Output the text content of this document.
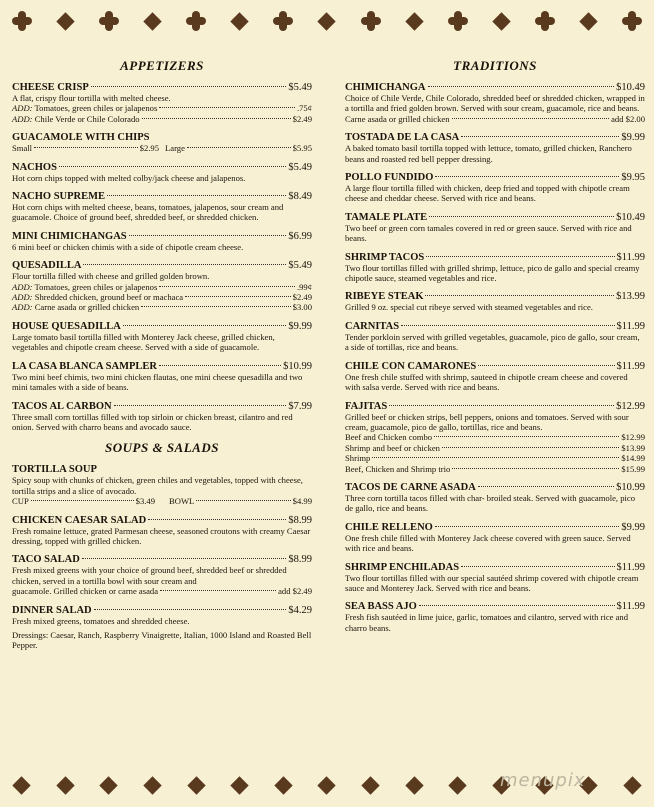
APPETIZERS
CHEESE CRISP	$5.49
A flat, crispy flour tortilla with melted cheese.
ADD: Tomatoes, green chiles or jalapenos	.75¢
ADD: Chile Verde or Chile Colorado	$2.49
GUACAMOLE WITH CHIPS
Small	$2.95 Large	$5.95
NACHOS	$5.49
Hot corn chips topped with melted colby/jack cheese and jalapenos.
NACHO SUPREME	$8.49
Hot corn chips with melted cheese, beans, tomatoes, jalapenos, sour cream and guacamole. Choice of ground beef, shredded beef, or shredded chicken.
MINI CHIMICHANGAS	$6.99
6 mini beef or chicken chimis with a side of chipotle cream cheese.
QUESADILLA	$5.49
Flour tortilla filled with cheese and grilled golden brown.
ADD: Tomatoes, green chiles or jalapenos	.99¢
ADD: Shredded chicken, ground beef or machaca	$2.49
ADD: Carne asada or grilled chicken	$3.00
HOUSE QUESADILLA	$9.99
Large tomato basil tortilla filled with Monterey Jack cheese, grilled chicken, vegetables and chipotle cream cheese. Served with a side of guacamole.
LA CASA BLANCA SAMPLER	$10.99
Two mini beef chimis, two mini chicken flautas, one mini cheese quesadilla and two mini tamales with a side of beans.
TACOS AL CARBON	$7.99
Three small corn tortillas filled with top sirloin or chicken breast, cilantro and red onion. Served with charro beans and avocado sauce.
SOUPS & SALADS
TORTILLA SOUP
Spicy soup with chunks of chicken, green chiles and vegetables, topped with cheese, tortilla strips and a slice of avocado.
CUP	$3.49 BOWL	$4.99
CHICKEN CAESAR SALAD	$8.99
Fresh romaine lettuce, grated Parmesan cheese, seasoned croutons with creamy Caesar dressing, topped with grilled chicken.
TACO SALAD	$8.99
Fresh mixed greens with your choice of ground beef, shredded beef or shredded chicken, served in a tortilla bowl with sour cream and
guacamole. Grilled chicken or carne asada	add $2.49
DINNER SALAD	$4.29
Fresh mixed greens, tomatoes and shredded cheese.
Dressings: Caesar, Ranch, Raspberry Vinaigrette, Italian, 1000 Island and Roasted Bell Pepper.
TRADITIONS
CHIMICHANGA	$10.49
Choice of Chile Verde, Chile Colorado, shredded beef or shredded chicken, wrapped in a tortilla and fried golden brown. Served with sour cream, guacamole, rice and beans.
Carne asada or grilled chicken	add $2.00
TOSTADA DE LA CASA	$9.99
A baked tomato basil tortilla topped with lettuce, tomato, grilled chicken, Ranchero beans and roasted red bell pepper dressing.
POLLO FUNDIDO	$9.95
A large flour tortilla filled with chicken, deep fried and topped with chipotle cream cheese and cheddar cheese. Served with rice and beans.
TAMALE PLATE	$10.49
Two beef or green corn tamales covered in red or green sauce. Served with rice and beans.
SHRIMP TACOS	$11.99
Two flour tortillas filled with grilled shrimp, lettuce, pico de gallo and special creamy chipotle sauce, steamed vegetables and rice.
RIBEYE STEAK	$13.99
Grilled 9 oz. special cut ribeye served with steamed vegetables and rice.
CARNITAS	$11.99
Tender porkloin served with grilled vegetables, guacamole, pico de gallo, sour cream, a side of tortillas, rice and beans.
CHILE CON CAMARONES	$11.99
One fresh chile stuffed with shrimp, sauteed in chipotle cream cheese and covered with salsa verde. Served with rice and beans.
FAJITAS	$12.99
Grilled beef or chicken strips, bell peppers, onions and tomatoes. Served with sour cream, guacamole, pico de gallo, tortillas, rice and beans.
Beef and Chicken combo	$12.99
Shrimp and beef or chicken	$13.99
Shrimp	$14.99
Beef, Chicken and Shrimp trio	$15.99
TACOS DE CARNE ASADA	$10.99
Three corn tortilla tacos filled with char- broiled steak. Served with guacamole, pico de gallo, rice and beans.
CHILE RELLENO	$9.99
One fresh chile filled with Monterey Jack cheese covered with green sauce. Served with rice and beans.
SHRIMP ENCHILADAS	$11.99
Two flour tortillas filled with our special sautéed shrimp covered with chipotle cream sauce and Monterey Jack. Served with rice and beans.
SEA BASS AJO	$11.99
Fresh fish sautéed in lime juice, garlic, tomatoes and cilantro, served with rice and charro beans.
menupix
